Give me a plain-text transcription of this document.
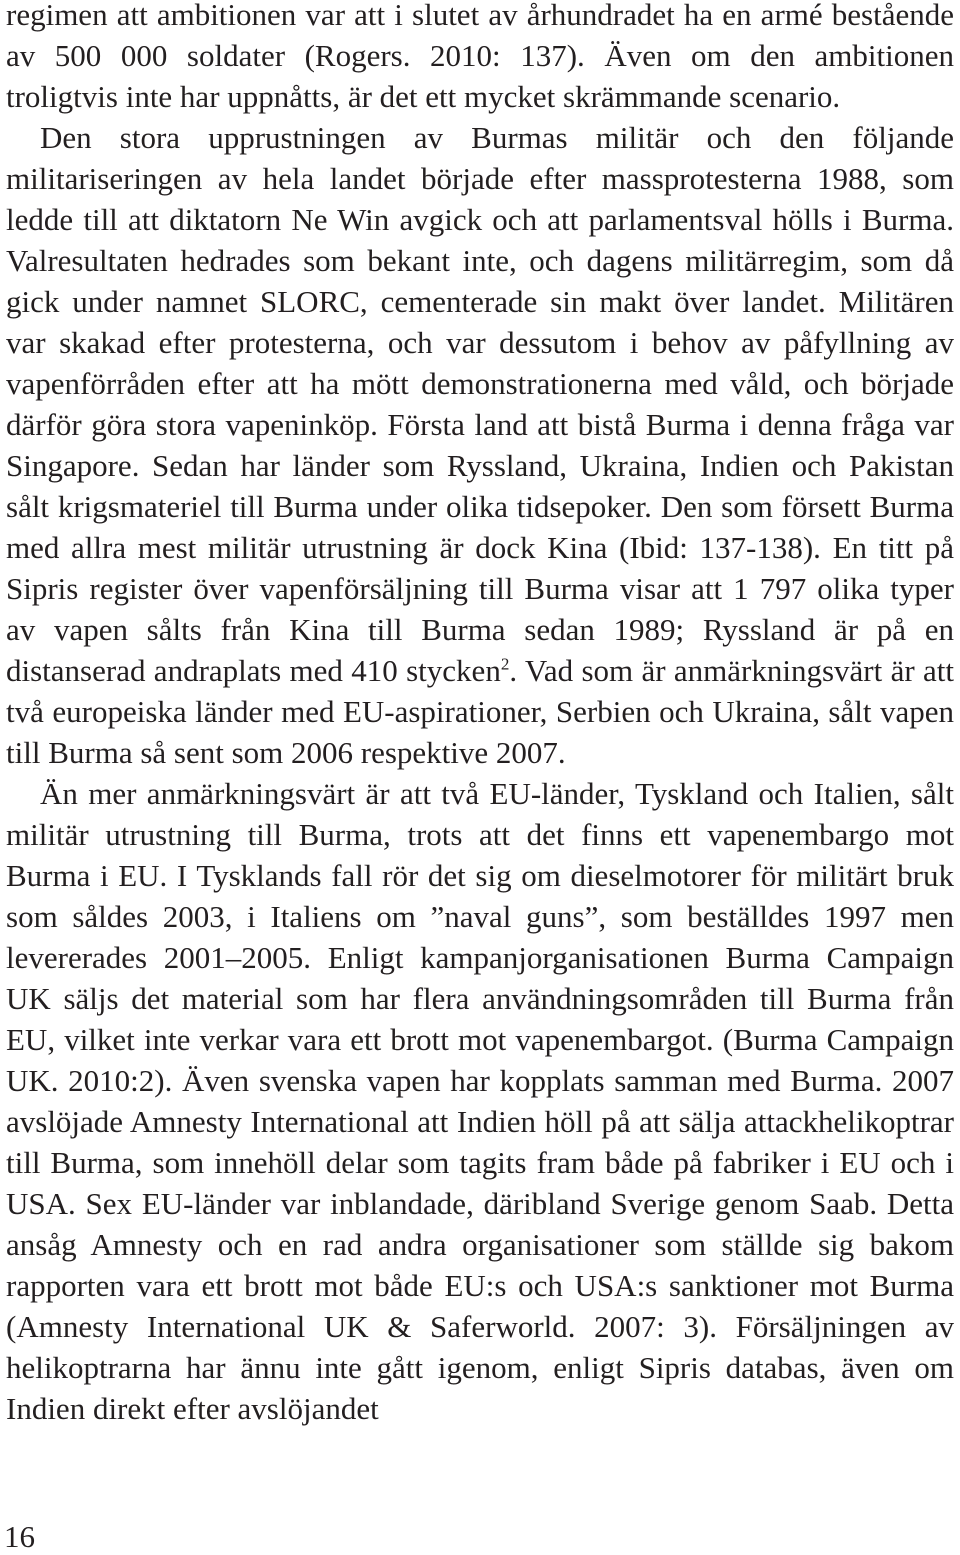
regimen att ambitionen var att i slutet av århundradet ha en armé bestående av 500 000 soldater (Rogers. 2010: 137). Även om den ambitionen troligtvis inte har uppnåtts, är det ett mycket skrämmande scenario.

Den stora upprustningen av Burmas militär och den följande militariseringen av hela landet började efter massprotesterna 1988, som ledde till att diktatorn Ne Win avgick och att parlamentsval hölls i Burma. Valresultaten hedrades som bekant inte, och dagens militärregim, som då gick under namnet SLORC, cementerade sin makt över landet. Militären var skakad efter protesterna, och var dessutom i behov av påfyllning av vapenförråden efter att ha mött demonstrationerna med våld, och började därför göra stora vapeninköp. Första land att bistå Burma i denna fråga var Singapore. Sedan har länder som Ryssland, Ukraina, Indien och Pakistan sålt krigsmateriel till Burma under olika tidsepoker. Den som försett Burma med allra mest militär utrustning är dock Kina (Ibid: 137-138). En titt på Sipris register över vapenförsäljning till Burma visar att 1 797 olika typer av vapen sålts från Kina till Burma sedan 1989; Ryssland är på en distanserad andraplats med 410 stycken$^2$. Vad som är anmärkningsvärt är att två europeiska länder med EU-aspirationer, Serbien och Ukraina, sålt vapen till Burma så sent som 2006 respektive 2007.

Än mer anmärkningsvärt är att två EU-länder, Tyskland och Italien, sålt militär utrustning till Burma, trots att det finns ett vapenembargo mot Burma i EU. I Tysklands fall rör det sig om dieselmotorer för militärt bruk som såldes 2003, i Italiens om ”naval guns”, som beställdes 1997 men levererades 2001–2005. Enligt kampanjorganisationen Burma Campaign UK säljs det material som har flera användningsområden till Burma från EU, vilket inte verkar vara ett brott mot vapenembargot. (Burma Campaign UK. 2010:2). Även svenska vapen har kopplats samman med Burma. 2007 avslöjade Amnesty International att Indien höll på att sälja attackhelikoptrar till Burma, som innehöll delar som tagits fram både på fabriker i EU och i USA. Sex EU-länder var inblandade, däribland Sverige genom Saab. Detta ansåg Amnesty och en rad andra organisationer som ställde sig bakom rapporten vara ett brott mot både EU:s och USA:s sanktioner mot Burma (Amnesty International UK & Saferworld. 2007: 3). Försäljningen av helikoptrarna har ännu inte gått igenom, enligt Sipris databas, även om Indien direkt efter avslöjandet

16
